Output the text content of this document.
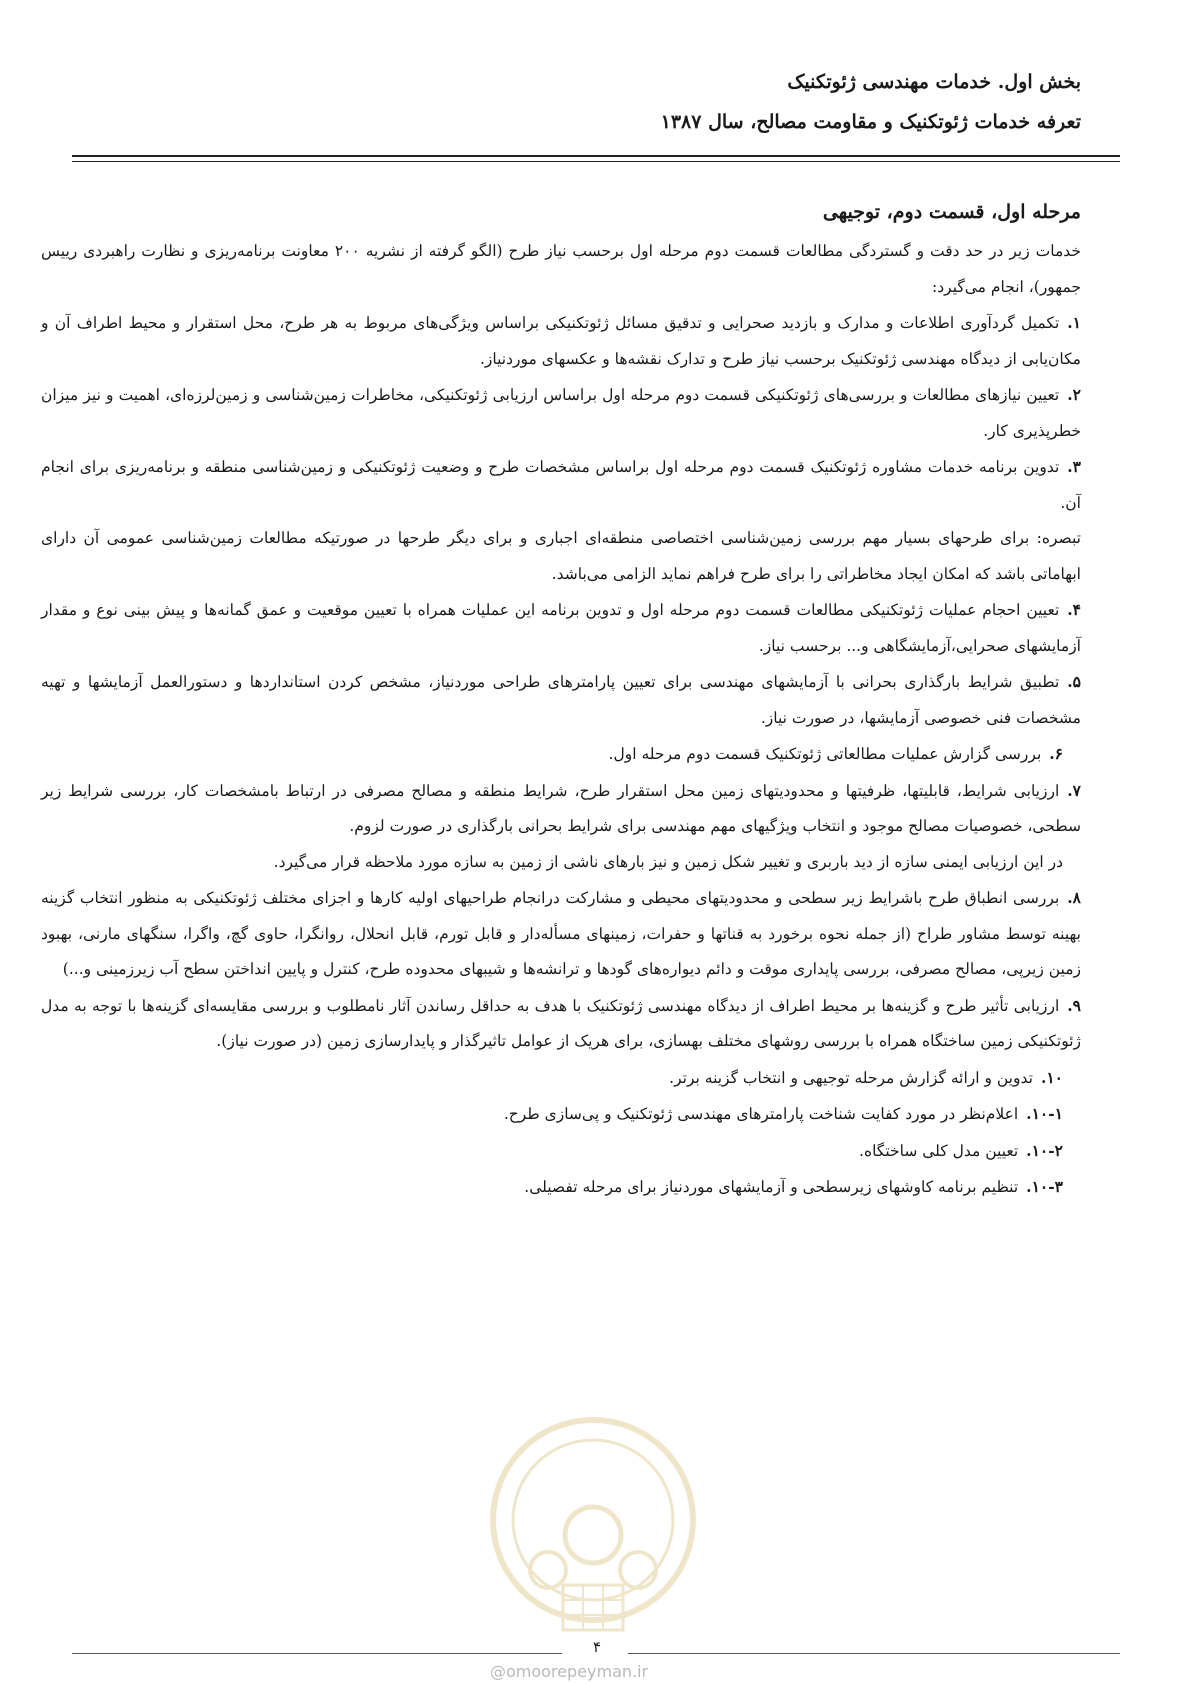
بخش اول. خدمات مهندسی ژئوتکنیک
تعرفه خدمات ژئوتکنیک و مقاومت مصالح، سال ۱۳۸۷
مرحله اول، قسمت دوم، توجیهی

خدمات زیر در حد دقت و گستردگی مطالعات قسمت دوم مرحله اول برحسب نیاز طرح (الگو گرفته از نشریه ۲۰۰ معاونت برنامه‌ریزی و نظارت راهبردی رییس جمهور)، انجام می‌گیرد:

۱.تکمیل گردآوری اطلاعات و مدارک و بازدید صحرایی و تدقیق مسائل ژئوتکنیکی براساس ویژگی‌های مربوط به هر طرح، محل استقرار و محیط اطراف آن و مکان‌یابی از دیدگاه مهندسی ژئوتکنیک برحسب نیاز طرح و تدارک نقشه‌ها و عکسهای موردنیاز.

۲.تعیین نیازهای مطالعات و بررسی‌های ژئوتکنیکی قسمت دوم مرحله اول براساس ارزیابی ژئوتکنیکی، مخاطرات زمین‌شناسی و زمین‌لرزه‌ای، اهمیت و نیز میزان خطرپذیری کار.

۳.تدوین برنامه خدمات مشاوره ژئوتکنیک قسمت دوم مرحله اول براساس مشخصات طرح و وضعیت ژئوتکنیکی و زمین‌شناسی منطقه و برنامه‌ریزی برای انجام آن.

تبصره: برای طرحهای بسیار مهم بررسی زمین‌شناسی اختصاصی منطقه‌ای اجباری و برای دیگر طرحها در صورتیکه مطالعات زمین‌شناسی عمومی آن دارای ابهاماتی باشد که امکان ایجاد مخاطراتی را برای طرح فراهم نماید الزامی می‌باشد.

۴.تعیین احجام عملیات ژئوتکنیکی مطالعات قسمت دوم مرحله اول و تدوین برنامه این عملیات همراه با تعیین موقعیت و عمق گمانه‌ها و پیش بینی نوع و مقدار آزمایشهای صحرایی،آزمایشگاهی و... برحسب نیاز.

۵.تطبیق شرایط بارگذاری بحرانی با آزمایشهای مهندسی برای تعیین پارامترهای طراحی موردنیاز، مشخص کردن استانداردها و دستورالعمل آزمایشها و تهیه مشخصات فنی خصوصی آزمایشها، در صورت نیاز.

۶.بررسی گزارش عملیات مطالعاتی ژئوتکنیک قسمت دوم مرحله اول.

۷.ارزیابی شرایط، قابلیتها، ظرفیتها و محدودیتهای زمین محل استقرار طرح، شرایط منطقه و مصالح مصرفی در ارتباط بامشخصات کار، بررسی شرایط زیر سطحی، خصوصیات مصالح موجود و انتخاب ویژگیهای مهم مهندسی برای شرایط بحرانی بارگذاری در صورت لزوم.

در این ارزیابی ایمنی سازه از دید باربری و تغییر شکل زمین و نیز بارهای ناشی از زمین به سازه مورد ملاحظه قرار می‌گیرد.

۸.بررسی انطباق طرح باشرایط زیر سطحی و محدودیتهای محیطی و مشارکت درانجام طراحیهای اولیه کارها و اجزای مختلف ژئوتکنیکی به منظور انتخاب گزینه بهینه توسط مشاور طراح (از جمله نحوه برخورد به قناتها و حفرات، زمینهای مسأله‌دار و قابل تورم، قابل انحلال، روانگرا، حاوی گچ، واگرا، سنگهای مارنی، بهبود زمین زیرپی، مصالح مصرفی، بررسی پایداری موقت و دائم دیواره‌های گودها و ترانشه‌ها و شیبهای محدوده طرح، کنترل و پایین انداختن سطح آب زیرزمینی و...)

۹.ارزیابی تأثیر طرح و گزینه‌ها بر محیط اطراف از دیدگاه مهندسی ژئوتکنیک با هدف به حداقل رساندن آثار نامطلوب و بررسی مقایسه‌ای گزینه‌ها با توجه به مدل ژئوتکنیکی زمین ساختگاه همراه با بررسی روشهای مختلف بهسازی، برای هریک از عوامل تاثیرگذار و پایدارسازی زمین (در صورت نیاز).

۱۰.تدوین و ارائه گزارش مرحله توجیهی و انتخاب گزینه برتر.

۱۰-۱.اعلام‌نظر در مورد کفایت شناخت پارامترهای مهندسی ژئوتکنیک و پی‌سازی طرح.

۱۰-۲.تعیین مدل کلی ساختگاه.

۱۰-۳.تنظیم برنامه کاوشهای زیرسطحی و آزمایشهای موردنیاز برای مرحله تفصیلی.

۴
@omoorepeyman.ir
